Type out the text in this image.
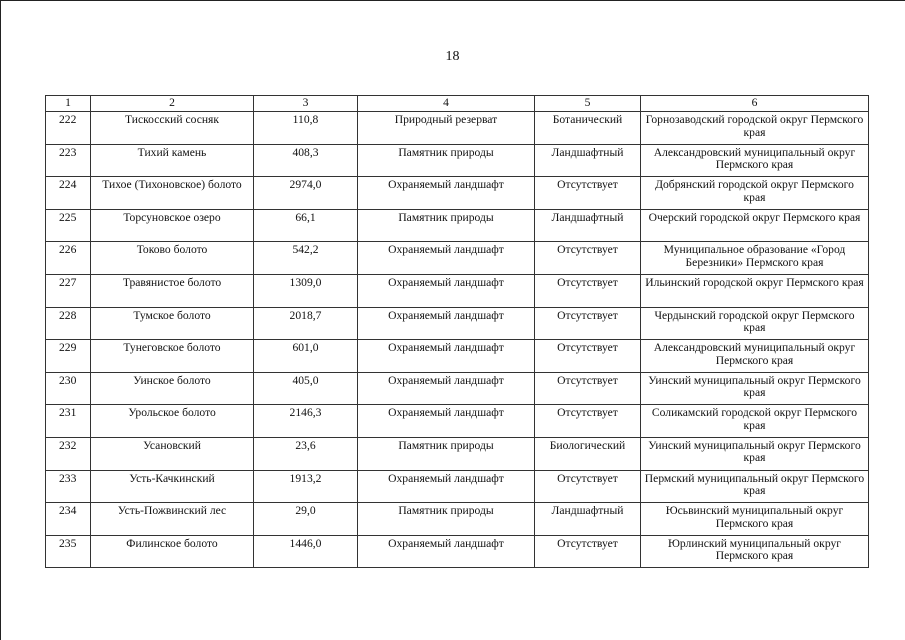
18
1	2	3	4	5	6
222	Тискосский сосняк	110,8	Природный резерват	Ботанический	Горнозаводский городской округ Пермского края
223	Тихий камень	408,3	Памятник природы	Ландшафтный	Александровский муниципальный округ Пермского края
224	Тихое (Тихоновское) болото	2974,0	Охраняемый ландшафт	Отсутствует	Добрянский городской округ Пермского края
225	Торсуновское озеро	66,1	Памятник природы	Ландшафтный	Очерский городской округ Пермского края
226	Токово болото	542,2	Охраняемый ландшафт	Отсутствует	Муниципальное образование «Город Березники» Пермского края
227	Травянистое болото	1309,0	Охраняемый ландшафт	Отсутствует	Ильинский городской округ Пермского края
228	Тумское болото	2018,7	Охраняемый ландшафт	Отсутствует	Чердынский городской округ Пермского края
229	Тунеговское болото	601,0	Охраняемый ландшафт	Отсутствует	Александровский муниципальный округ Пермского края
230	Уинское болото	405,0	Охраняемый ландшафт	Отсутствует	Уинский муниципальный округ Пермского края
231	Урольское болото	2146,3	Охраняемый ландшафт	Отсутствует	Соликамский городской округ Пермского края
232	Усановский	23,6	Памятник природы	Биологический	Уинский муниципальный округ Пермского края
233	Усть-Качкинский	1913,2	Охраняемый ландшафт	Отсутствует	Пермский муниципальный округ Пермского края
234	Усть-Пожвинский лес	29,0	Памятник природы	Ландшафтный	Юсьвинский муниципальный округ Пермского края
235	Филинское болото	1446,0	Охраняемый ландшафт	Отсутствует	Юрлинский муниципальный округ Пермского края
